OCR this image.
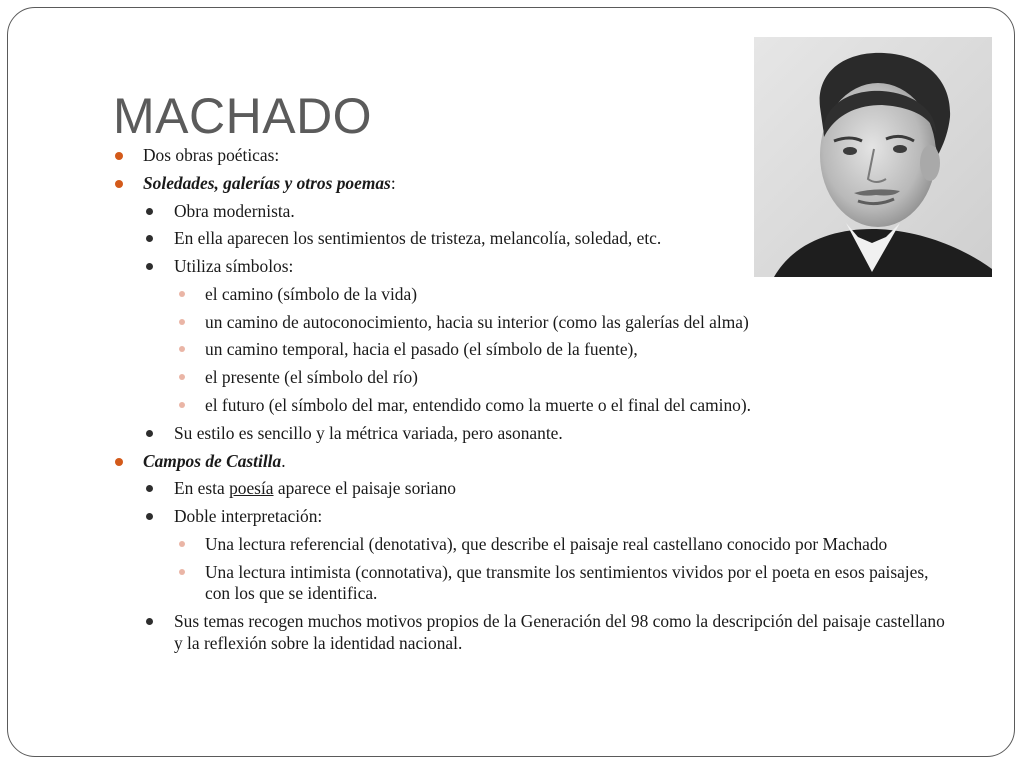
MACHADO
Dos obras poéticas:
Soledades, galerías y otros poemas:
Obra modernista.
En ella aparecen los sentimientos de tristeza, melancolía, soledad, etc.
Utiliza símbolos:
el camino (símbolo de la vida)
un camino de autoconocimiento, hacia su interior (como las galerías del alma)
un camino temporal, hacia el pasado (el símbolo de la fuente),
el presente (el símbolo del río)
el futuro (el símbolo del mar, entendido como la muerte o el final del camino).
Su estilo es sencillo y la métrica variada, pero asonante.
Campos de Castilla.
En esta poesía aparece el paisaje soriano
Doble interpretación:
Una lectura referencial (denotativa), que describe el paisaje real castellano conocido por Machado
Una lectura intimista (connotativa), que transmite los sentimientos vividos por el poeta en esos paisajes, con los que se identifica.
Sus temas recogen muchos motivos propios de la Generación del 98 como la descripción del paisaje castellano y la reflexión sobre la identidad nacional.
